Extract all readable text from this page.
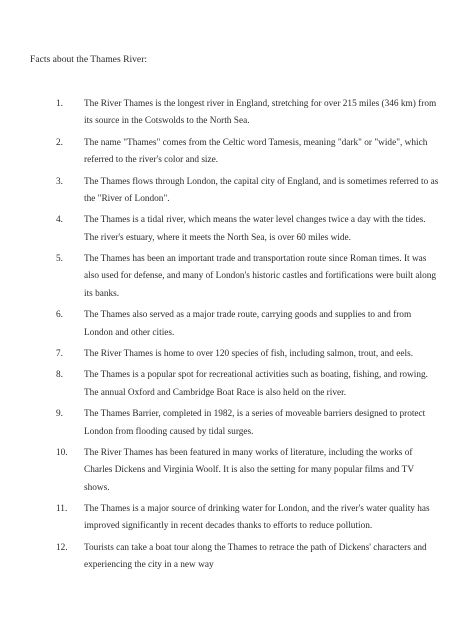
Facts about the Thames River:
1.	The River Thames is the longest river in England, stretching for over 215 miles (346 km) from its source in the Cotswolds to the North Sea.
2.	The name "Thames" comes from the Celtic word Tamesis, meaning "dark" or "wide", which referred to the river's color and size.
3.	The Thames flows through London, the capital city of England, and is sometimes referred to as the "River of London".
4.	The Thames is a tidal river, which means the water level changes twice a day with the tides. The river's estuary, where it meets the North Sea, is over 60 miles wide.
5.	The Thames has been an important trade and transportation route since Roman times. It was also used for defense, and many of London's historic castles and fortifications were built along its banks.
6.	The Thames also served as a major trade route, carrying goods and supplies to and from London and other cities.
7.	The River Thames is home to over 120 species of fish, including salmon, trout, and eels.
8.	The Thames is a popular spot for recreational activities such as boating, fishing, and rowing. The annual Oxford and Cambridge Boat Race is also held on the river.
9.	The Thames Barrier, completed in 1982, is a series of moveable barriers designed to protect London from flooding caused by tidal surges.
10.	The River Thames has been featured in many works of literature, including the works of Charles Dickens and Virginia Woolf. It is also the setting for many popular films and TV shows.
11.	The Thames is a major source of drinking water for London, and the river's water quality has improved significantly in recent decades thanks to efforts to reduce pollution.
12.	Tourists can take a boat tour along the Thames to retrace the path of Dickens' characters and experiencing the city in a new way
